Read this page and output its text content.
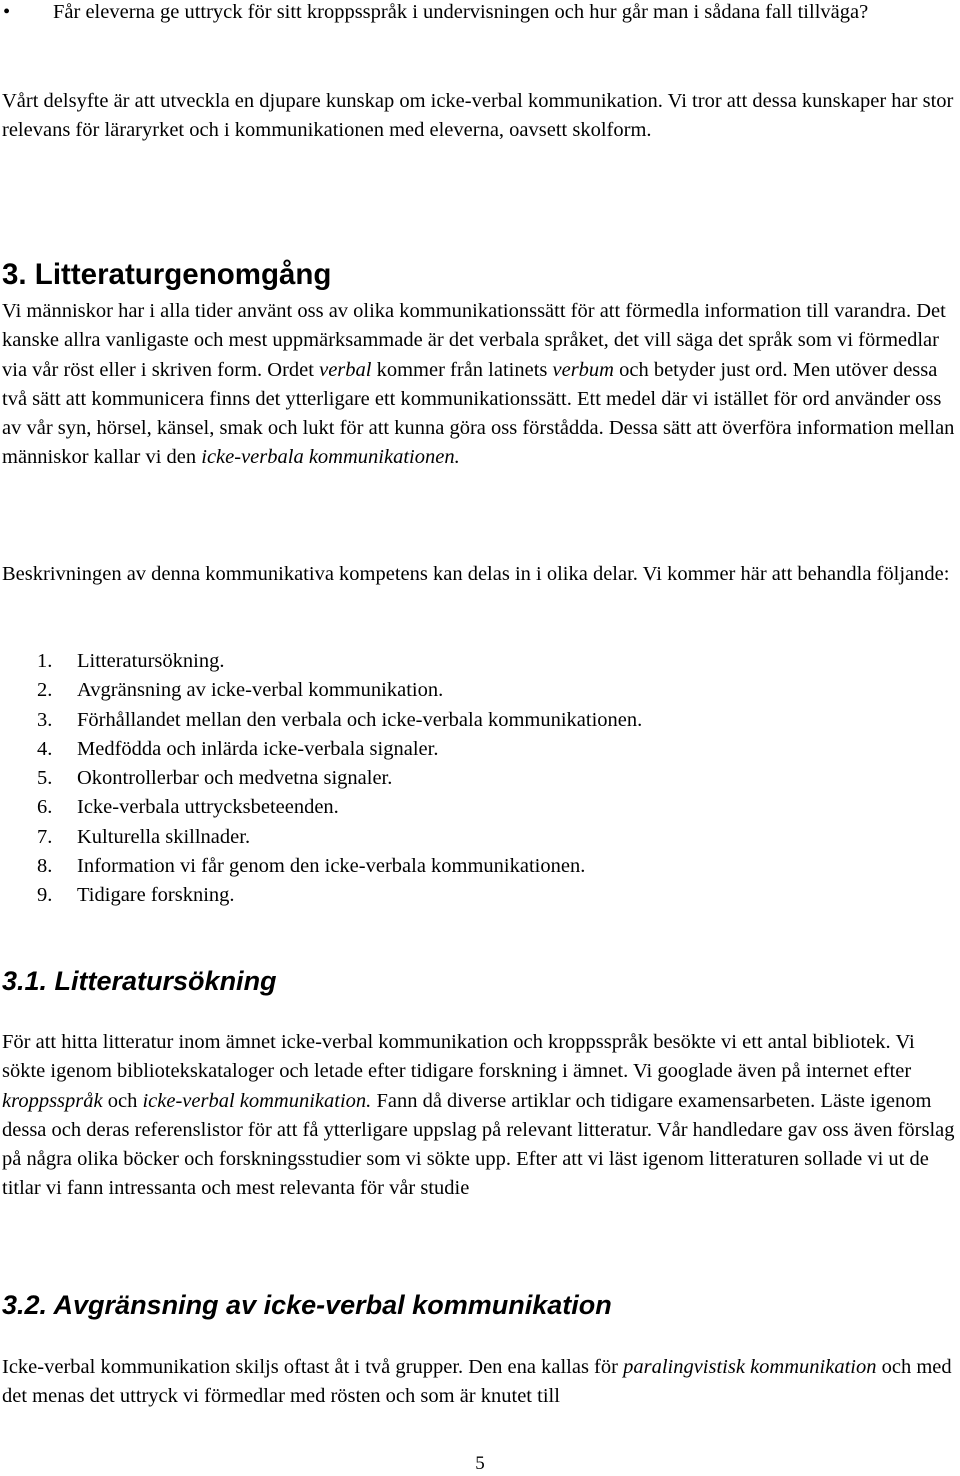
• Får eleverna ge uttryck för sitt kroppsspråk i undervisningen och hur går man i sådana fall tillväga?

Vårt delsyfte är att utveckla en djupare kunskap om icke-verbal kommunikation. Vi tror att dessa kunskaper har stor relevans för läraryrket och i kommunikationen med eleverna, oavsett skolform.

3. Litteraturgenomgång

Vi människor har i alla tider använt oss av olika kommunikationssätt för att förmedla information till varandra. Det kanske allra vanligaste och mest uppmärksammade är det verbala språket, det vill säga det språk som vi förmedlar via vår röst eller i skriven form. Ordet verbal kommer från latinets verbum och betyder just ord. Men utöver dessa två sätt att kommunicera finns det ytterligare ett kommunikationssätt. Ett medel där vi istället för ord använder oss av vår syn, hörsel, känsel, smak och lukt för att kunna göra oss förstådda. Dessa sätt att överföra information mellan människor kallar vi den icke-verbala kommunikationen.

Beskrivningen av denna kommunikativa kompetens kan delas in i olika delar. Vi kommer här att behandla följande:

1. Litteratursökning.
2. Avgränsning av icke-verbal kommunikation.
3. Förhållandet mellan den verbala och icke-verbala kommunikationen.
4. Medfödda och inlärda icke-verbala signaler.
5. Okontrollerbar och medvetna signaler.
6. Icke-verbala uttrycksbeteenden.
7. Kulturella skillnader.
8. Information vi får genom den icke-verbala kommunikationen.
9. Tidigare forskning.
3.1. Litteratursökning

För att hitta litteratur inom ämnet icke-verbal kommunikation och kroppsspråk besökte vi ett antal bibliotek. Vi sökte igenom bibliotekskataloger och letade efter tidigare forskning i ämnet. Vi googlade även på internet efter kroppsspråk och icke-verbal kommunikation. Fann då diverse artiklar och tidigare examensarbeten. Läste igenom dessa och deras referenslistor för att få ytterligare uppslag på relevant litteratur. Vår handledare gav oss även förslag på några olika böcker och forskningsstudier som vi sökte upp. Efter att vi läst igenom litteraturen sollade vi ut de titlar vi fann intressanta och mest relevanta för vår studie

3.2. Avgränsning av icke-verbal kommunikation

Icke-verbal kommunikation skiljs oftast åt i två grupper. Den ena kallas för paralingvistisk kommunikation och med det menas det uttryck vi förmedlar med rösten och som är knutet till

5
